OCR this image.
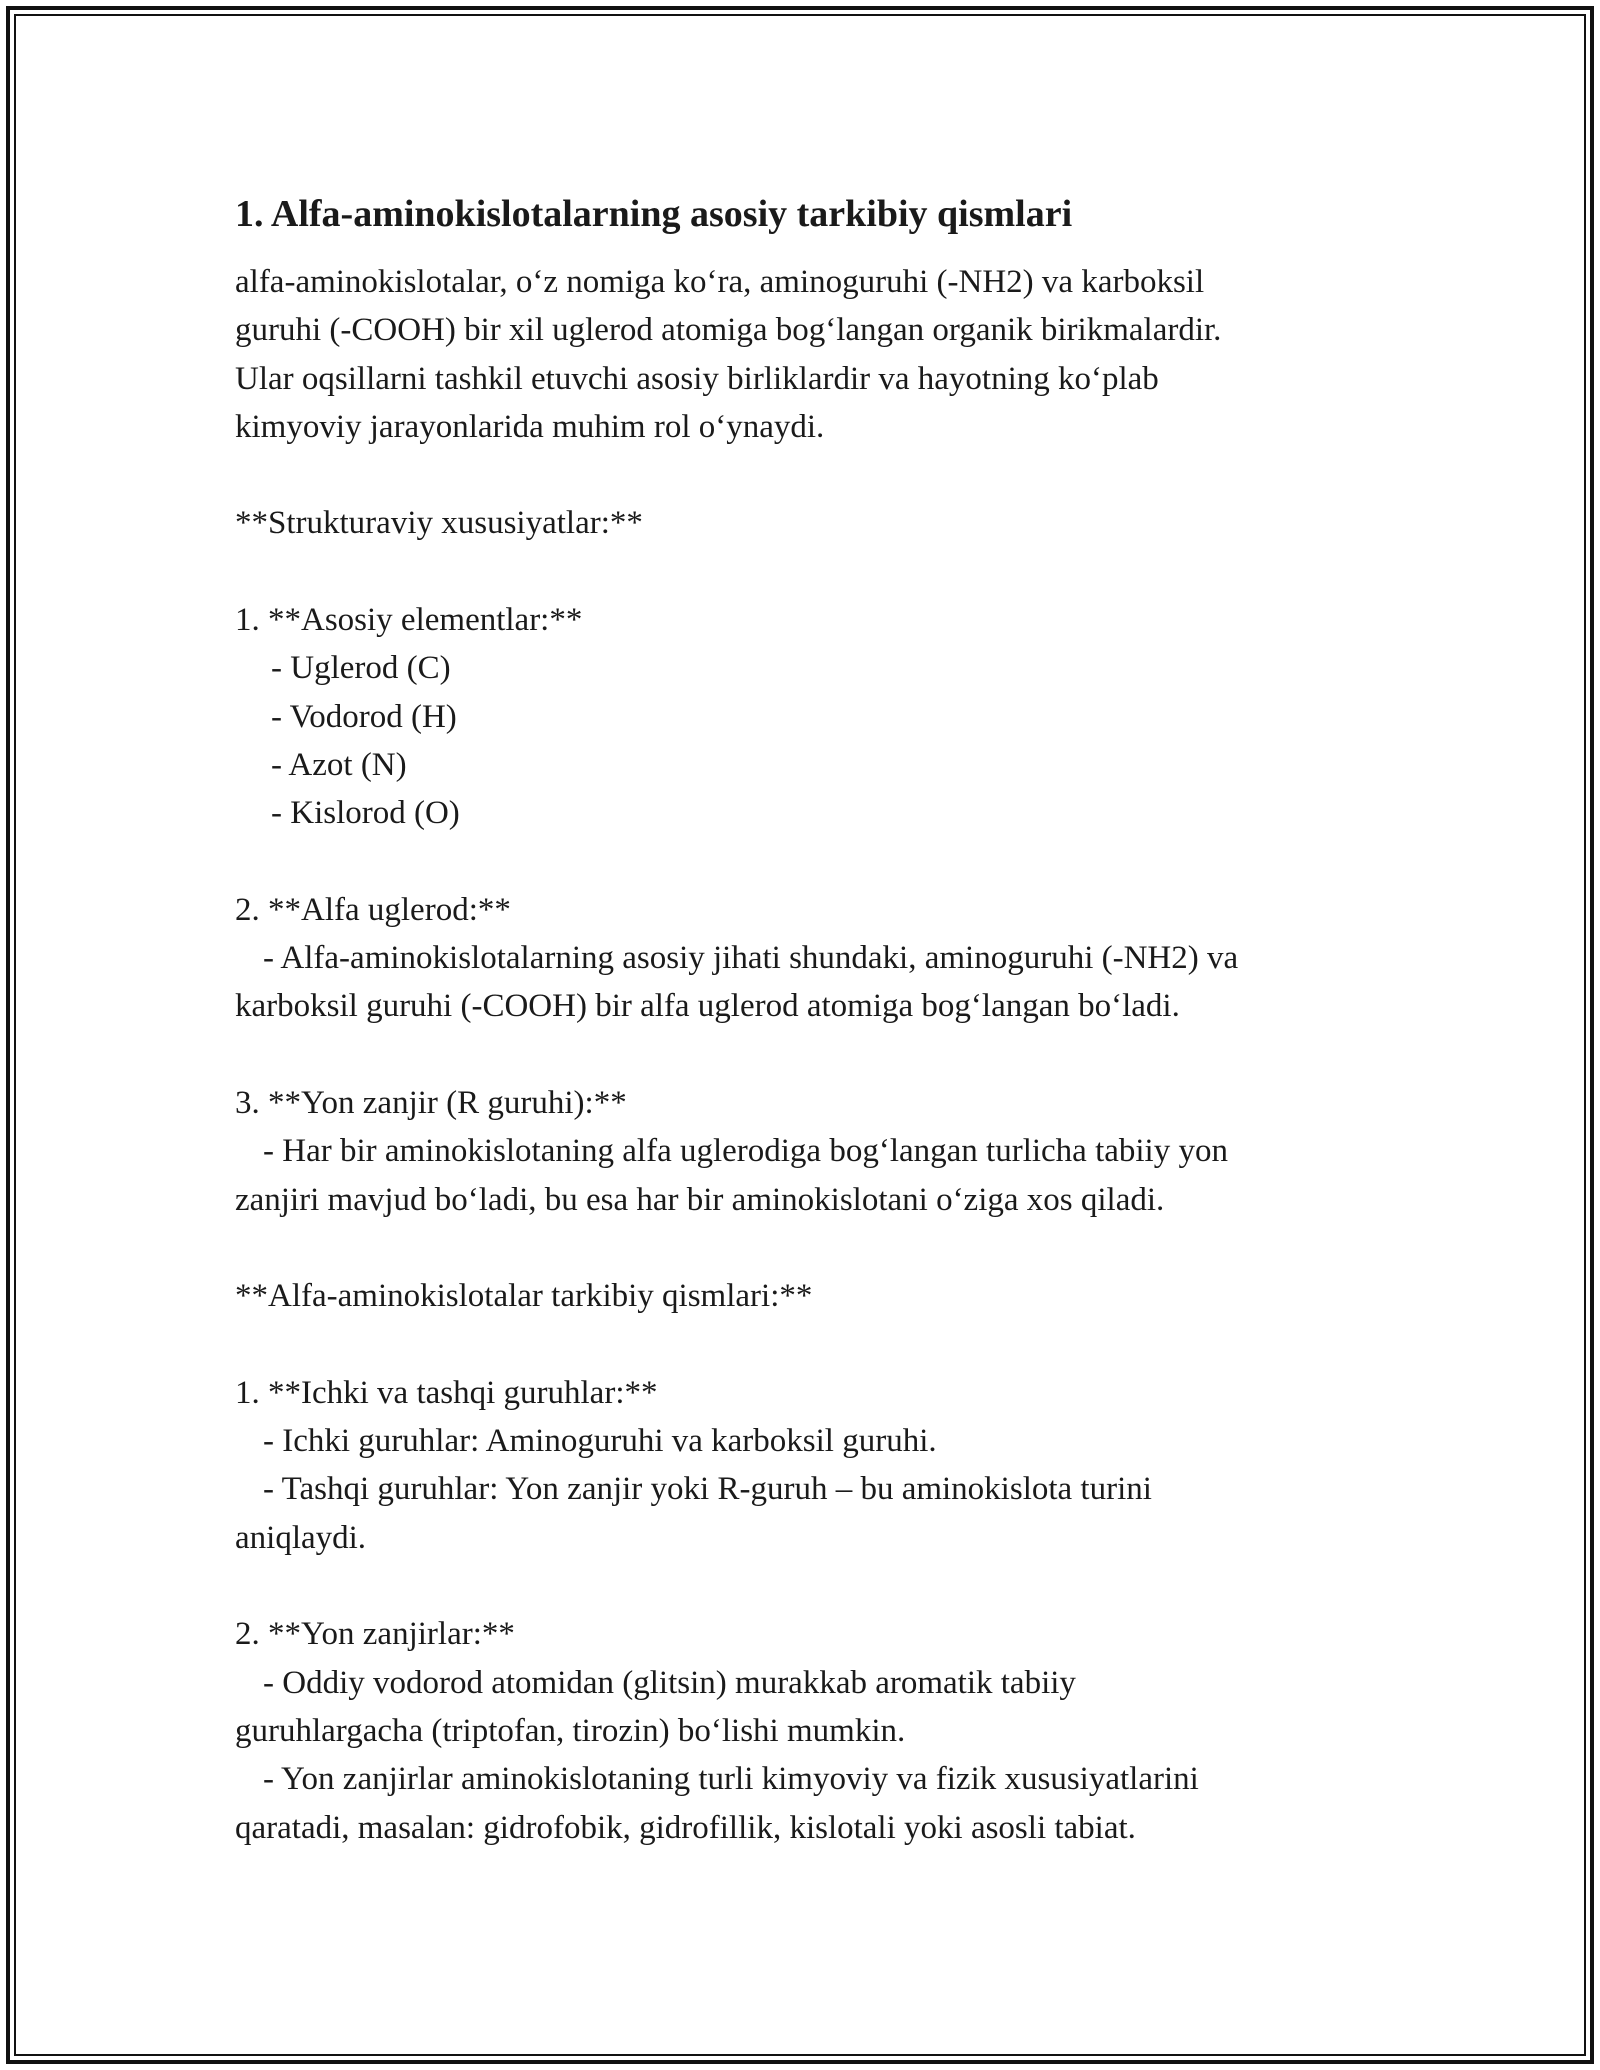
1. Alfa-aminokislotalarning asosiy tarkibiy qismlari

alfa-aminokislotalar, o‘z nomiga ko‘ra, aminoguruhi (-NH2) va karboksil

guruhi (-COOH) bir xil uglerod atomiga bog‘langan organik birikmalardir.

Ular oqsillarni tashkil etuvchi asosiy birliklardir va hayotning ko‘plab

kimyoviy jarayonlarida muhim rol o‘ynaydi.

**Strukturaviy xususiyatlar:**

1. **Asosiy elementlar:**

- Uglerod (C)

- Vodorod (H)

- Azot (N)

- Kislorod (O)

2. **Alfa uglerod:**

- Alfa-aminokislotalarning asosiy jihati shundaki, aminoguruhi (-NH2) va

karboksil guruhi (-COOH) bir alfa uglerod atomiga bog‘langan bo‘ladi.

3. **Yon zanjir (R guruhi):**

- Har bir aminokislotaning alfa uglerodiga bog‘langan turlicha tabiiy yon

zanjiri mavjud bo‘ladi, bu esa har bir aminokislotani o‘ziga xos qiladi.

**Alfa-aminokislotalar tarkibiy qismlari:**

1. **Ichki va tashqi guruhlar:**

- Ichki guruhlar: Aminoguruhi va karboksil guruhi.

- Tashqi guruhlar: Yon zanjir yoki R-guruh – bu aminokislota turini

aniqlaydi.

2. **Yon zanjirlar:**

- Oddiy vodorod atomidan (glitsin) murakkab aromatik tabiiy

guruhlargacha (triptofan, tirozin) bo‘lishi mumkin.

- Yon zanjirlar aminokislotaning turli kimyoviy va fizik xususiyatlarini

qaratadi, masalan: gidrofobik, gidrofillik, kislotali yoki asosli tabiat.
